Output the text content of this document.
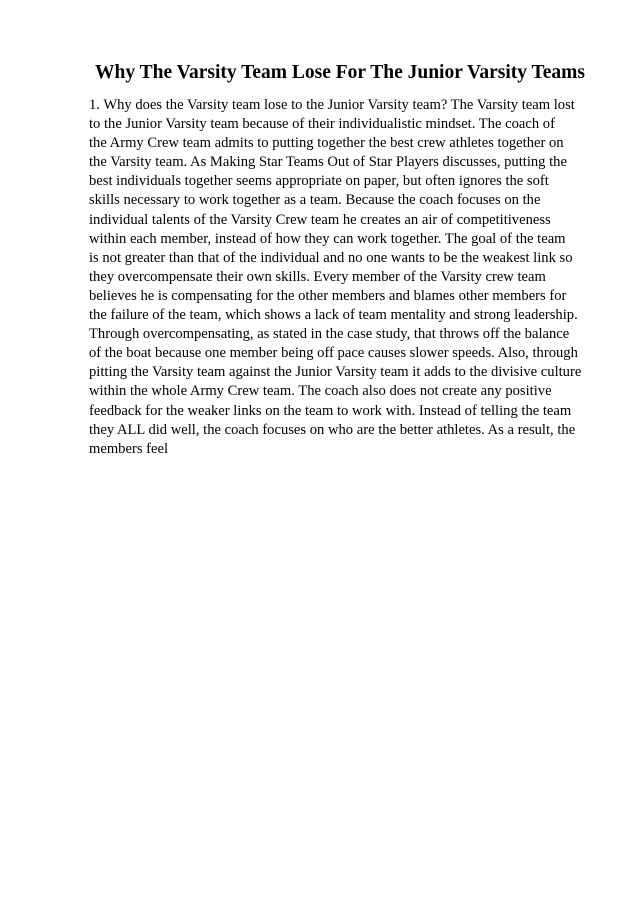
Why The Varsity Team Lose For The Junior Varsity Teams
1. Why does the Varsity team lose to the Junior Varsity team? The Varsity team lost
to the Junior Varsity team because of their individualistic mindset. The coach of
the Army Crew team admits to putting together the best crew athletes together on
the Varsity team. As Making Star Teams Out of Star Players discusses, putting the
best individuals together seems appropriate on paper, but often ignores the soft
skills necessary to work together as a team. Because the coach focuses on the
individual talents of the Varsity Crew team he creates an air of competitiveness
within each member, instead of how they can work together. The goal of the team
is not greater than that of the individual and no one wants to be the weakest link so
they overcompensate their own skills. Every member of the Varsity crew team
believes he is compensating for the other members and blames other members for
the failure of the team, which shows a lack of team mentality and strong leadership.
Through overcompensating, as stated in the case study, that throws off the balance
of the boat because one member being off pace causes slower speeds. Also, through
pitting the Varsity team against the Junior Varsity team it adds to the divisive culture
within the whole Army Crew team. The coach also does not create any positive
feedback for the weaker links on the team to work with. Instead of telling the team
they ALL did well, the coach focuses on who are the better athletes. As a result, the
members feel
